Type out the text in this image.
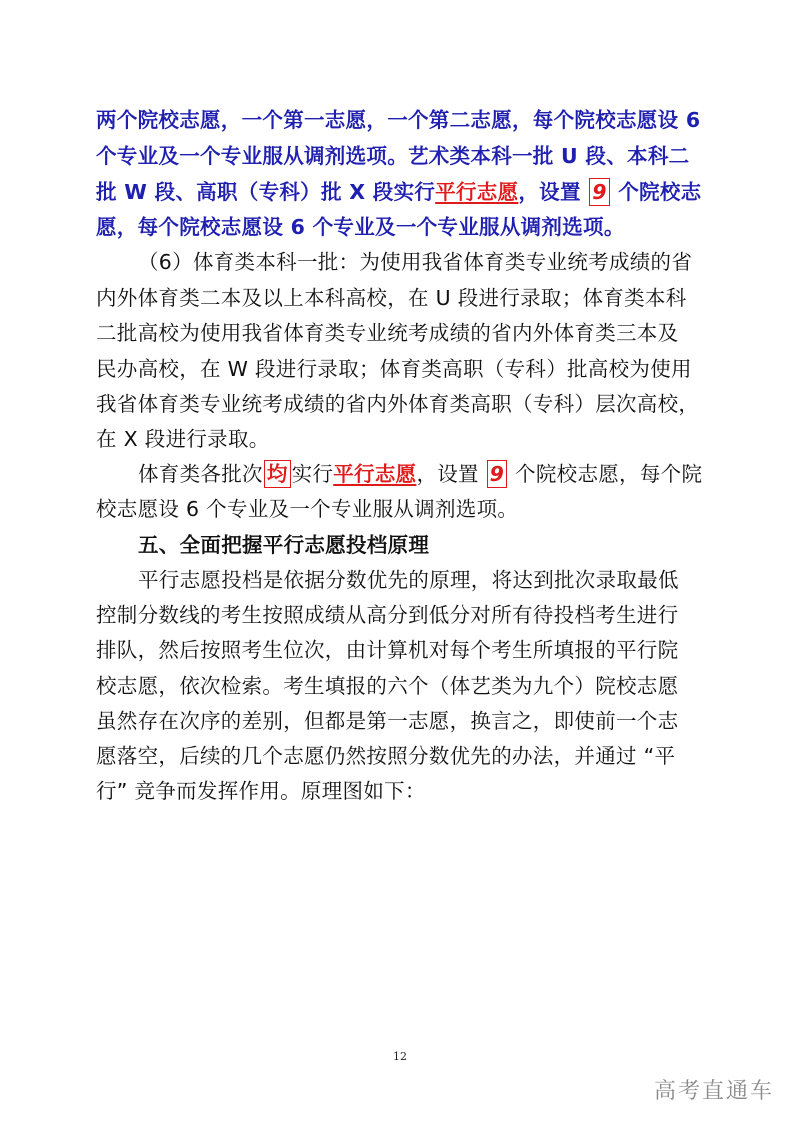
两个院校志愿，一个第一志愿，一个第二志愿，每个院校志愿设 6
个专业及一个专业服从调剂选项。艺术类本科一批 U 段、本科二
批 W 段、高职（专科）批 X 段实行平行志愿，设置 9 个院校志
愿，每个院校志愿设 6 个专业及一个专业服从调剂选项。
（6）体育类本科一批：为使用我省体育类专业统考成绩的省
内外体育类二本及以上本科高校，在 U 段进行录取；体育类本科
二批高校为使用我省体育类专业统考成绩的省内外体育类三本及
民办高校，在 W 段进行录取；体育类高职（专科）批高校为使用
我省体育类专业统考成绩的省内外体育类高职（专科）层次高校，
在 X 段进行录取。
体育类各批次 均 实行平行志愿，设置 9 个院校志愿，每个院
校志愿设 6 个专业及一个专业服从调剂选项。
五、全面把握平行志愿投档原理
平行志愿投档是依据分数优先的原理，将达到批次录取最低
控制分数线的考生按照成绩从高分到低分对所有待投档考生进行
排队，然后按照考生位次，由计算机对每个考生所填报的平行院
校志愿，依次检索。考生填报的六个（体艺类为九个）院校志愿
虽然存在次序的差别，但都是第一志愿，换言之，即使前一个志
愿落空，后续的几个志愿仍然按照分数优先的办法，并通过 “平
行” 竞争而发挥作用。原理图如下：
12
高考直通车
